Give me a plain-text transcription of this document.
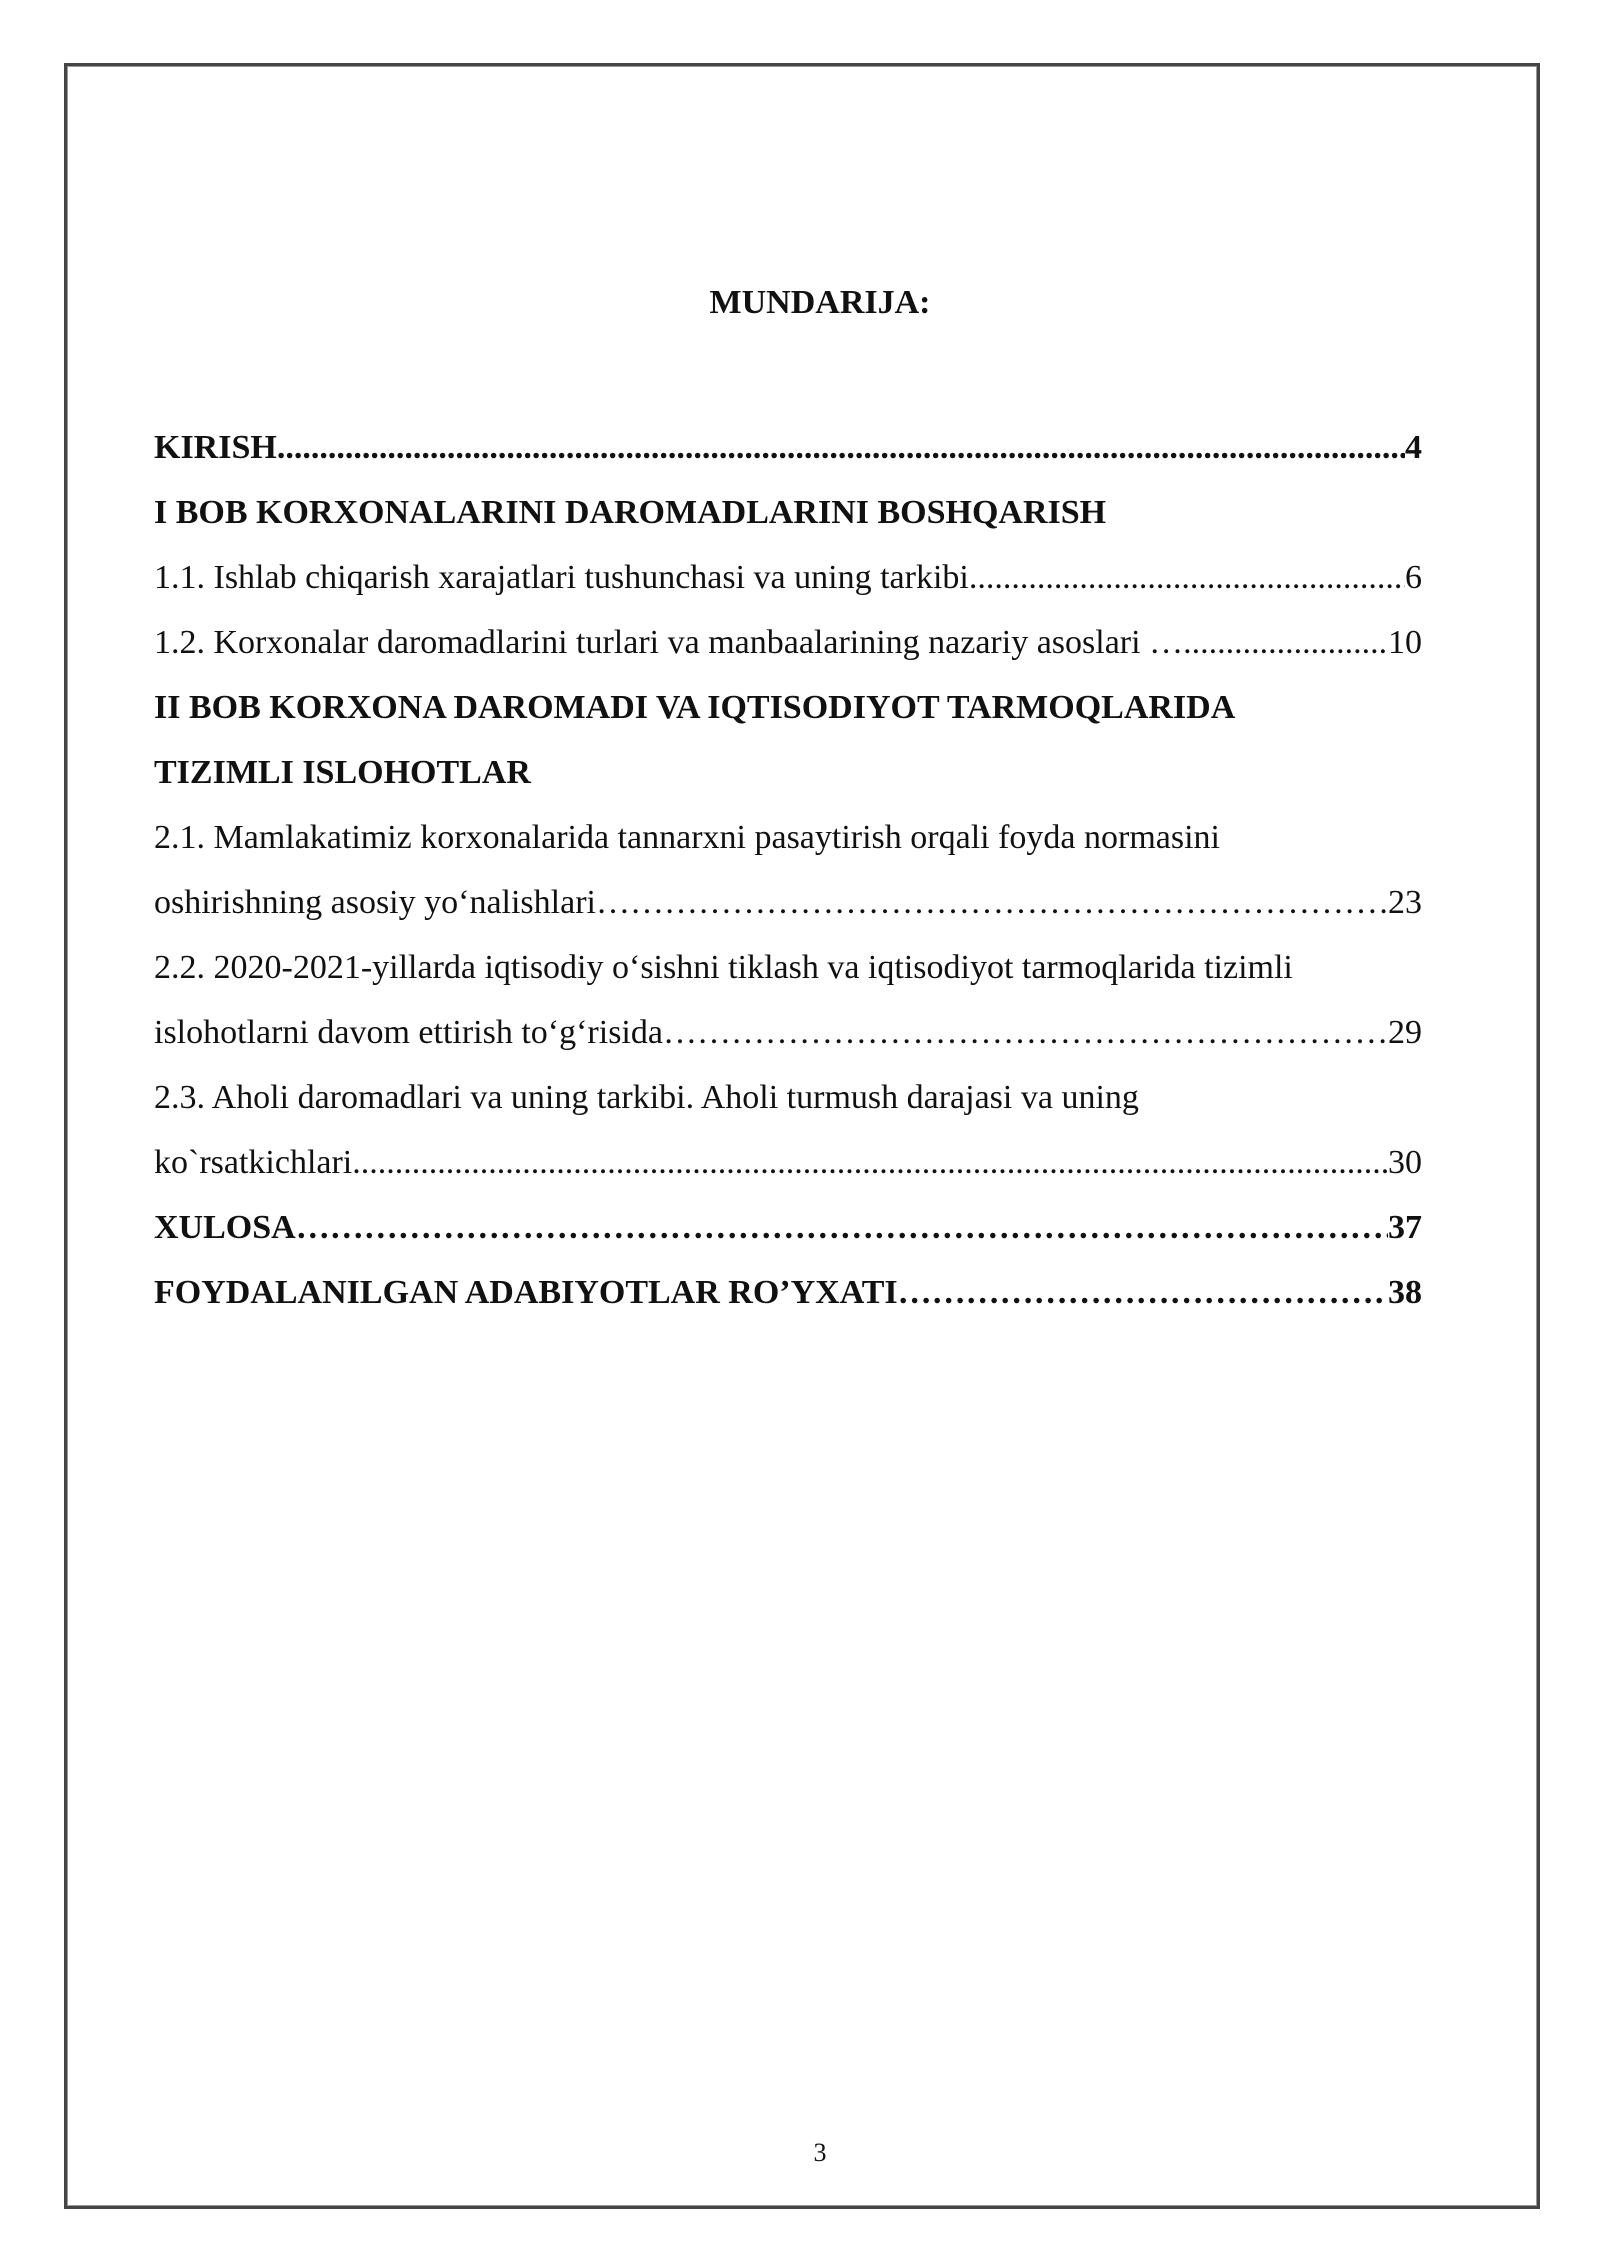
MUNDARIJA:
KIRISH .....	4
I BOB KORXONALARINI DAROMADLARINI BOSHQARISH
1.1. Ishlab chiqarish xarajatlari tushunchasi va uning tarkibi .....	6
1.2. Korxonalar daromadlarini turlari va manbaalarining nazariy asoslari … .....	10
II BOB KORXONA DAROMADI VA IQTISODIYOT TARMOQLARIDA
TIZIMLI ISLOHOTLAR
2.1. Mamlakatimiz korxonalarida tannarxni pasaytirish orqali foyda normasini
oshirishning asosiy yo‘nalishlari ………………………………………………………………………………………………………………………………………………………………………………………………………	23
2.2. 2020-2021-yillarda iqtisodiy o‘sishni tiklash va iqtisodiyot tarmoqlarida tizimli
islohotlarni davom ettirish to‘g‘risida ………………………………………………………………………………………………………………………………………………………………………………………………………	29
2.3. Aholi daromadlari va uning tarkibi. Aholi turmush darajasi va uning
ko`rsatkichlari .....	30
XULOSA ………………………………………………………………………………………………………………………………………………………………………………………………………	37
FOYDALANILGAN ADABIYOTLAR RO’YXATI ………………………………………………………………………………………………………………………………………………………………………………………………………	38
3
